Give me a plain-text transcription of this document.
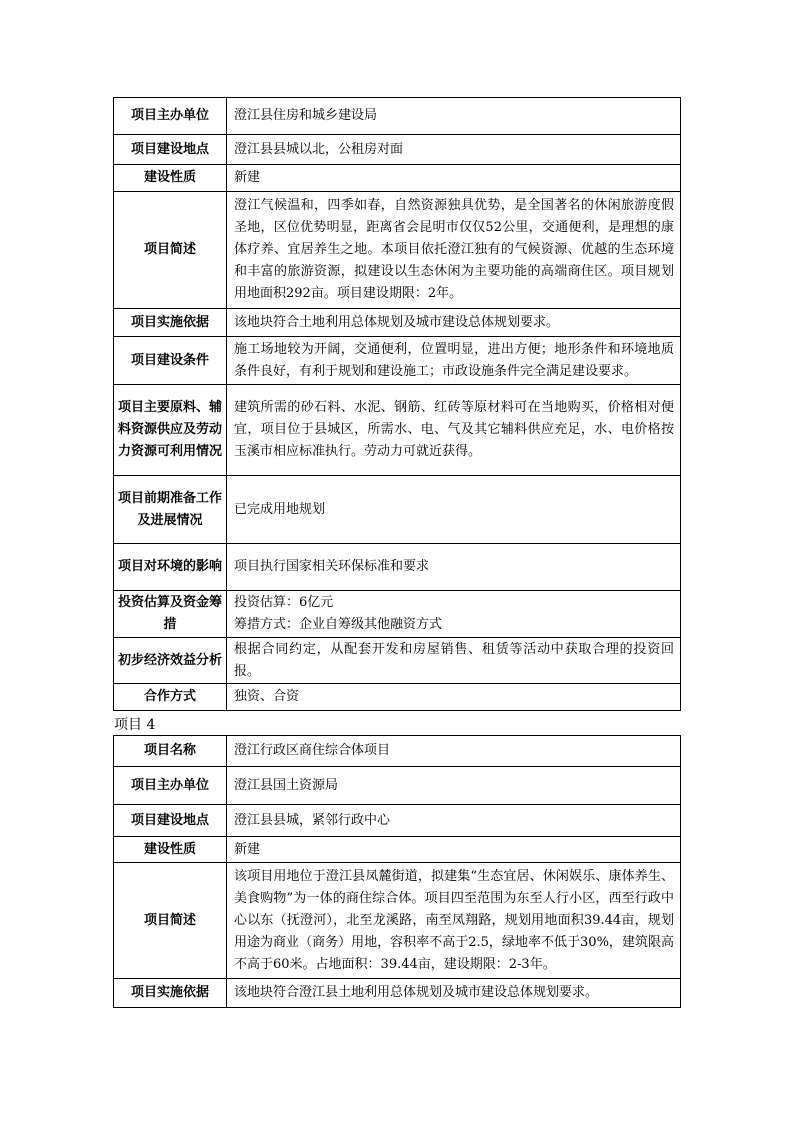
项目主办单位	澄江县住房和城乡建设局
项目建设地点	澄江县县城以北，公租房对面
建设性质	新建
项目简述	澄江气候温和，四季如春，自然资源独具优势，是全国著名的休闲旅游度假圣地，区位优势明显，距离省会昆明市仅仅52公里，交通便利，是理想的康体疗养、宜居养生之地。本项目依托澄江独有的气候资源、优越的生态环境和丰富的旅游资源，拟建设以生态休闲为主要功能的高端商住区。项目规划用地面积292亩。项目建设期限：2年。
项目实施依据	该地块符合土地利用总体规划及城市建设总体规划要求。
项目建设条件	施工场地较为开阔，交通便利，位置明显，进出方便；地形条件和环境地质条件良好，有利于规划和建设施工；市政设施条件完全满足建设要求。
项目主要原料、辅料资源供应及劳动力资源可利用情况	建筑所需的砂石料、水泥、钢筋、红砖等原材料可在当地购买，价格相对便宜，项目位于县城区，所需水、电、气及其它辅料供应充足，水、电价格按玉溪市相应标准执行。劳动力可就近获得。
项目前期准备工作及进展情况	已完成用地规划
项目对环境的影响	项目执行国家相关环保标准和要求
投资估算及资金筹措	投资估算：6亿元
筹措方式：企业自筹级其他融资方式

初步经济效益分析	根据合同约定，从配套开发和房屋销售、租赁等活动中获取合理的投资回报。
合作方式	独资、合资
项目 4
项目名称	澄江行政区商住综合体项目
项目主办单位	澄江县国土资源局
项目建设地点	澄江县县城，紧邻行政中心
建设性质	新建
项目简述	该项目用地位于澄江县凤麓街道，拟建集“生态宜居、休闲娱乐、康体养生、美食购物”为一体的商住综合体。项目四至范围为东至人行小区，西至行政中心以东（抚澄河），北至龙溪路，南至凤翔路，规划用地面积39.44亩，规划用途为商业（商务）用地，容积率不高于2.5，绿地率不低于30%，建筑限高不高于60米。占地面积：39.44亩，建设期限：2-3年。
项目实施依据	该地块符合澄江县土地利用总体规划及城市建设总体规划要求。
